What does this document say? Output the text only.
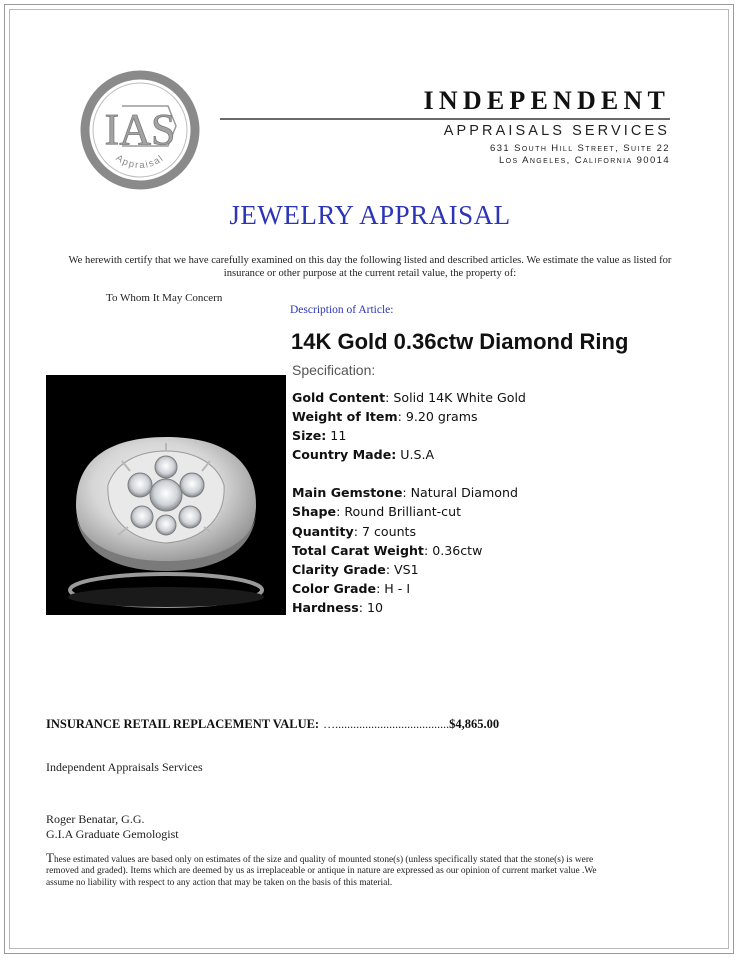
IAS
Appraisal
INDEPENDENT
APPRAISALS SERVICES
631 South Hill Street, Suite 22
Los Angeles, California 90014
JEWELRY APPRAISAL
We herewith certify that we have carefully examined on this day the following listed and described articles. We estimate the value as listed for insurance or other purpose at the current retail value, the property of:
To Whom It May Concern
Description of Article:
14K Gold 0.36ctw Diamond Ring
Specification:
Gold Content: Solid 14K White Gold
Weight of Item: 9.20 grams
Size: 11
Country Made: U.S.A
Main Gemstone: Natural Diamond
Shape: Round Brilliant-cut
Quantity: 7 counts
Total Carat Weight: 0.36ctw
Clarity Grade: VS1
Color Grade: H - I
Hardness: 10
INSURANCE RETAIL REPLACEMENT VALUE: …......................................$4,865.00
Independent Appraisals Services
Roger Benatar, G.G.
G.I.A Graduate Gemologist
These estimated values are based only on estimates of the size and quality of mounted stone(s) (unless specifically stated that the stone(s) is were removed and graded). Items which are deemed by us as irreplaceable or antique in nature are expressed as our opinion of current market value .We assume no liability with respect to any action that may be taken on the basis of this material.
